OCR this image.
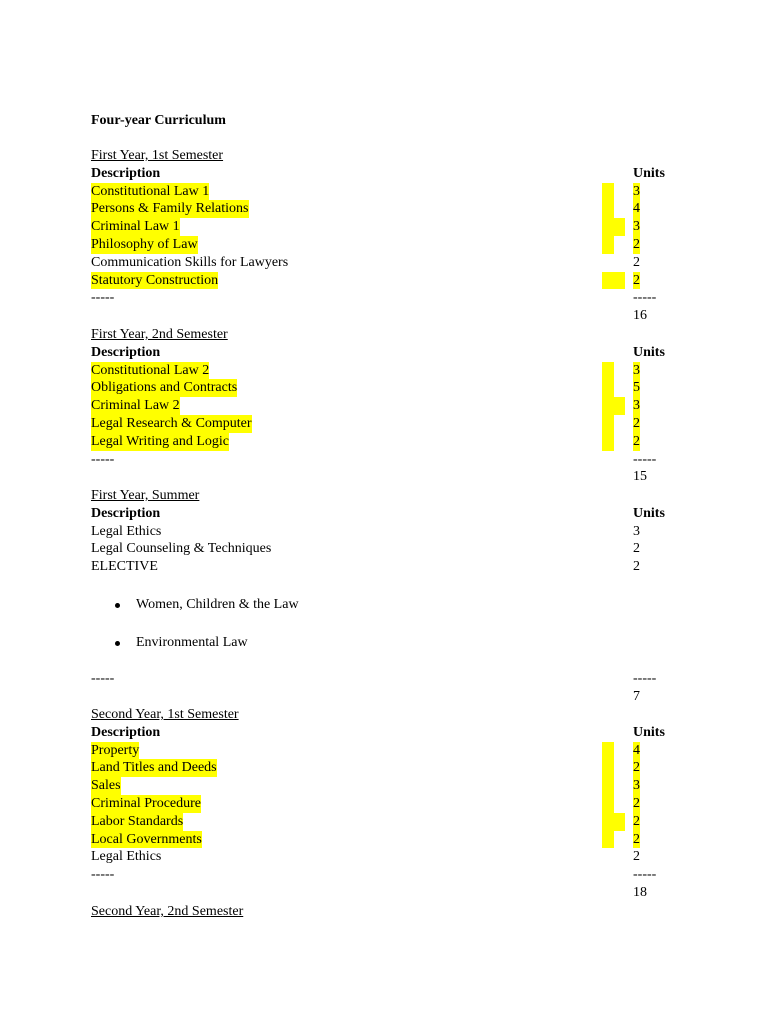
Four-year Curriculum
First Year, 1st Semester
Description	Units
Constitutional Law 1	3
Persons & Family Relations	4
Criminal Law 1	3
Philosophy of Law	2
Communication Skills for Lawyers	2
Statutory Construction	2
-----	-----
16
First Year, 2nd Semester
Description	Units
Constitutional Law 2	3
Obligations and Contracts	5
Criminal Law 2	3
Legal Research & Computer	2
Legal Writing and Logic	2
-----	-----
15
First Year, Summer
Description	Units
Legal Ethics	3
Legal Counseling & Techniques	2
ELECTIVE	2
Women, Children & the Law
Environmental Law
-----	-----
7
Second Year, 1st Semester
Description	Units
Property	4
Land Titles and Deeds	2
Sales	3
Criminal Procedure	2
Labor Standards	2
Local Governments	2
Legal Ethics	2
-----	-----
18
Second Year, 2nd Semester
